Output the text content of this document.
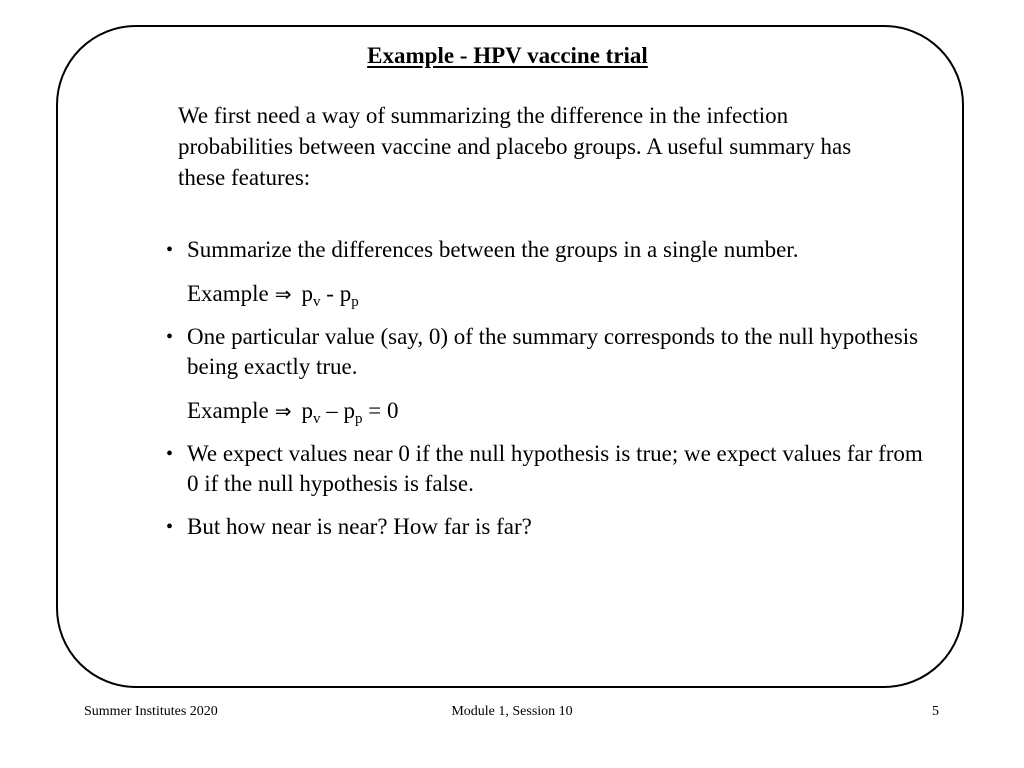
Example - HPV vaccine trial

We first need a way of summarizing the difference in the infection probabilities between vaccine and placebo groups. A useful summary has these features:

• Summarize the differences between the groups in a single number.
Example ⇒ $p_v - p_p$
• One particular value (say, 0) of the summary corresponds to the null hypothesis being exactly true.
Example ⇒ $p_v - p_p = 0$
• We expect values near 0 if the null hypothesis is true; we expect values far from 0 if the null hypothesis is false.
• But how near is near? How far is far?

Summer Institutes 2020	Module 1, Session 10	5
